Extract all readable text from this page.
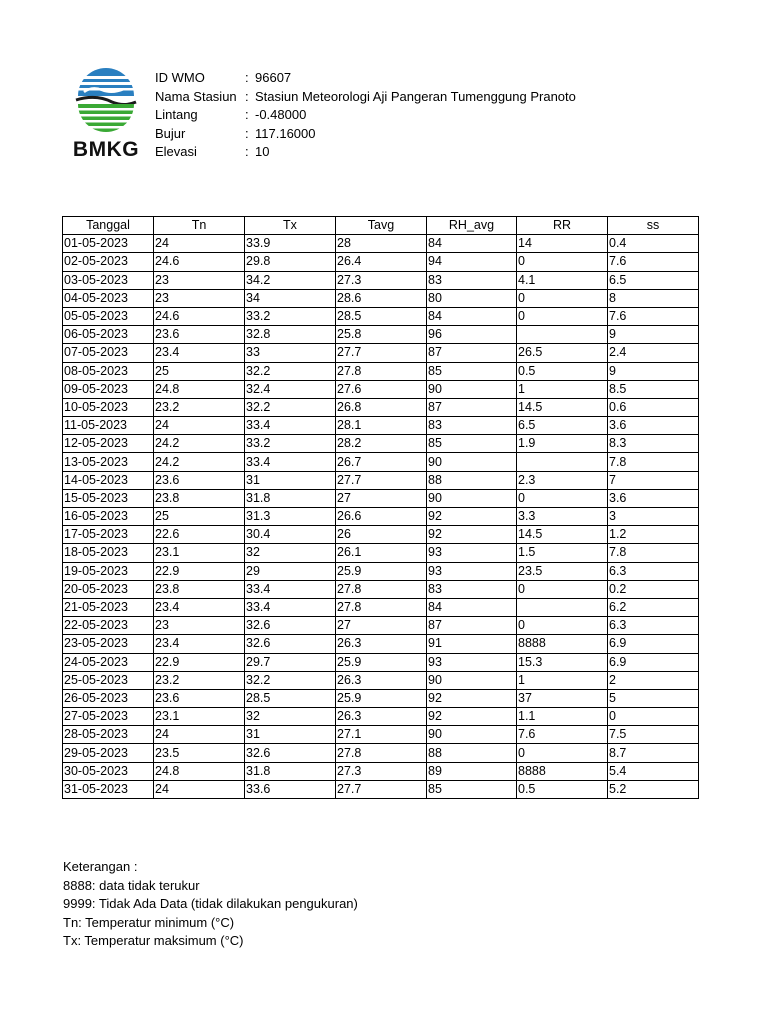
BMKG
ID WMO	: 96607
Nama Stasiun : Stasiun Meteorologi Aji Pangeran Tumenggung Pranoto
Lintang	: -0.48000
Bujur	: 117.16000
Elevasi	: 10
Tanggal	Tn	Tx	Tavg	RH_avg	RR	ss
01-05-2023	24	33.9	28	84	14	0.4
02-05-2023	24.6	29.8	26.4	94	0	7.6
03-05-2023	23	34.2	27.3	83	4.1	6.5
04-05-2023	23	34	28.6	80	0	8
05-05-2023	24.6	33.2	28.5	84	0	7.6
06-05-2023	23.6	32.8	25.8	96		9
07-05-2023	23.4	33	27.7	87	26.5	2.4
08-05-2023	25	32.2	27.8	85	0.5	9
09-05-2023	24.8	32.4	27.6	90	1	8.5
10-05-2023	23.2	32.2	26.8	87	14.5	0.6
11-05-2023	24	33.4	28.1	83	6.5	3.6
12-05-2023	24.2	33.2	28.2	85	1.9	8.3
13-05-2023	24.2	33.4	26.7	90		7.8
14-05-2023	23.6	31	27.7	88	2.3	7
15-05-2023	23.8	31.8	27	90	0	3.6
16-05-2023	25	31.3	26.6	92	3.3	3
17-05-2023	22.6	30.4	26	92	14.5	1.2
18-05-2023	23.1	32	26.1	93	1.5	7.8
19-05-2023	22.9	29	25.9	93	23.5	6.3
20-05-2023	23.8	33.4	27.8	83	0	0.2
21-05-2023	23.4	33.4	27.8	84		6.2
22-05-2023	23	32.6	27	87	0	6.3
23-05-2023	23.4	32.6	26.3	91	8888	6.9
24-05-2023	22.9	29.7	25.9	93	15.3	6.9
25-05-2023	23.2	32.2	26.3	90	1	2
26-05-2023	23.6	28.5	25.9	92	37	5
27-05-2023	23.1	32	26.3	92	1.1	0
28-05-2023	24	31	27.1	90	7.6	7.5
29-05-2023	23.5	32.6	27.8	88	0	8.7
30-05-2023	24.8	31.8	27.3	89	8888	5.4
31-05-2023	24	33.6	27.7	85	0.5	5.2
Keterangan :
8888: data tidak terukur
9999: Tidak Ada Data (tidak dilakukan pengukuran)
Tn: Temperatur minimum (°C)
Tx: Temperatur maksimum (°C)
